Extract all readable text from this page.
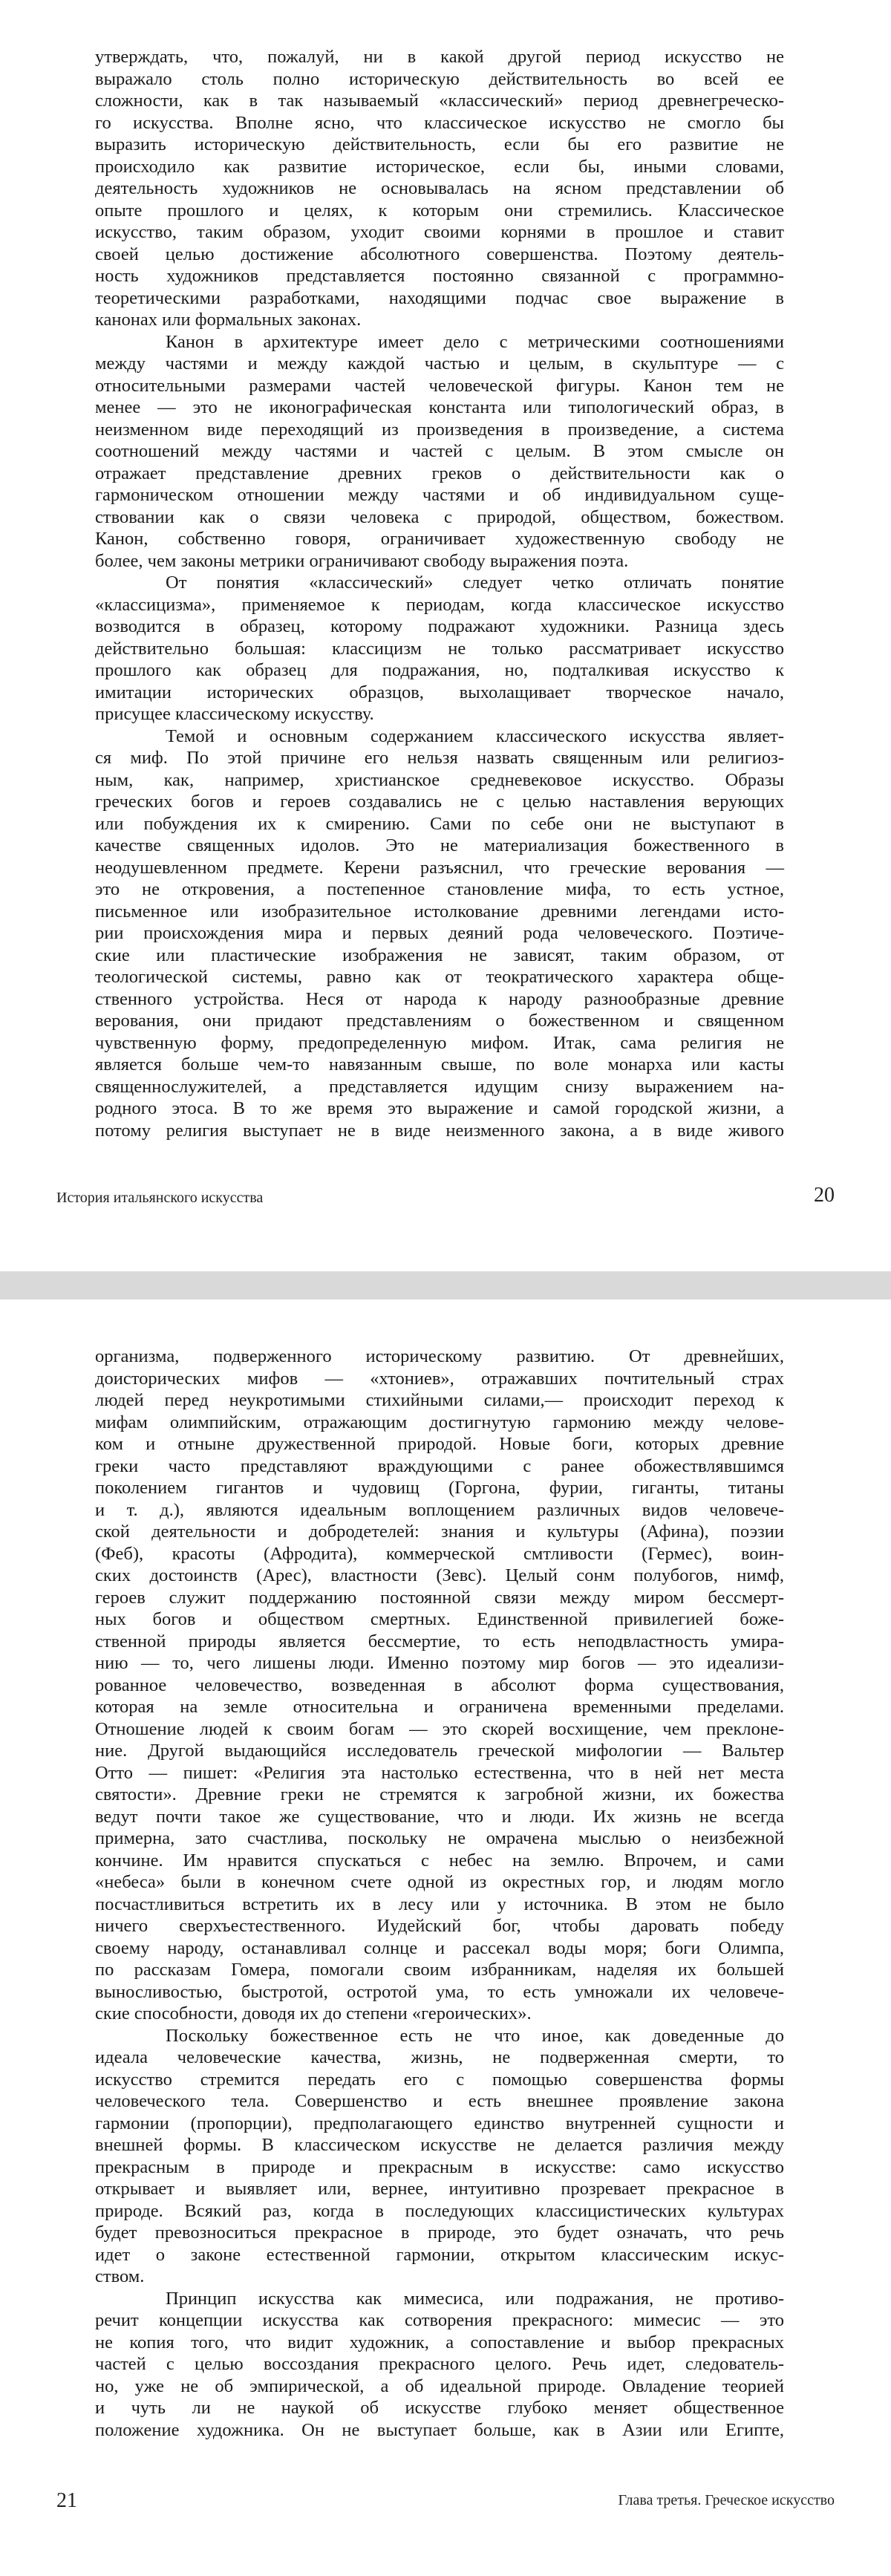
утверждать, что, пожалуй, ни в какой другой период искусство не
выражало столь полно историческую действительность во всей ее
сложности, как в так называемый «классический» период древнегреческо-
го искусства. Вполне ясно, что классическое искусство не смогло бы
выразить историческую действительность, если бы его развитие не
происходило как развитие историческое, если бы, иными словами,
деятельность художников не основывалась на ясном представлении об
опыте прошлого и целях, к которым они стремились. Классическое
искусство, таким образом, уходит своими корнями в прошлое и ставит
своей целью достижение абсолютного совершенства. Поэтому деятель-
ность художников представляется постоянно связанной с программно-
теоретическими разработками, находящими подчас свое выражение в
канонах или формальных законах.
Канон в архитектуре имеет дело с метрическими соотношениями
между частями и между каждой частью и целым, в скульптуре — с
относительными размерами частей человеческой фигуры. Канон тем не
менее — это не иконографическая константа или типологический образ, в
неизменном виде переходящий из произведения в произведение, а система
соотношений между частями и частей с целым. В этом смысле он
отражает представление древних греков о действительности как о
гармоническом отношении между частями и об индивидуальном суще-
ствовании как о связи человека с природой, обществом, божеством.
Канон, собственно говоря, ограничивает художественную свободу не
более, чем законы метрики ограничивают свободу выражения поэта.
От понятия «классический» следует четко отличать понятие
«классицизма», применяемое к периодам, когда классическое искусство
возводится в образец, которому подражают художники. Разница здесь
действительно большая: классицизм не только рассматривает искусство
прошлого как образец для подражания, но, подталкивая искусство к
имитации исторических образцов, выхолащивает творческое начало,
присущее классическому искусству.
Темой и основным содержанием классического искусства являет-
ся миф. По этой причине его нельзя назвать священным или религиоз-
ным, как, например, христианское средневековое искусство. Образы
греческих богов и героев создавались не с целью наставления верующих
или побуждения их к смирению. Сами по себе они не выступают в
качестве священных идолов. Это не материализация божественного в
неодушевленном предмете. Керени разъяснил, что греческие верования —
это не откровения, а постепенное становление мифа, то есть устное,
письменное или изобразительное истолкование древними легендами исто-
рии происхождения мира и первых деяний рода человеческого. Поэтиче-
ские или пластические изображения не зависят, таким образом, от
теологической системы, равно как от теократического характера обще-
ственного устройства. Неся от народа к народу разнообразные древние
верования, они придают представлениям о божественном и священном
чувственную форму, предопределенную мифом. Итак, сама религия не
является больше чем-то навязанным свыше, по воле монарха или касты
священнослужителей, а представляется идущим снизу выражением на-
родного этоса. В то же время это выражение и самой городской жизни, а
потому религия выступает не в виде неизменного закона, а в виде живого
История итальянского искусства	20
организма, подверженного историческому развитию. От древнейших,
доисторических мифов — «хтониев», отражавших почтительный страх
людей перед неукротимыми стихийными силами,— происходит переход к
мифам олимпийским, отражающим достигнутую гармонию между челове-
ком и отныне дружественной природой. Новые боги, которых древние
греки часто представляют враждующими с ранее обожествлявшимся
поколением гигантов и чудовищ (Горгона, фурии, гиганты, титаны
и т. д.), являются идеальным воплощением различных видов человече-
ской деятельности и добродетелей: знания и культуры (Афина), поэзии
(Феб), красоты (Афродита), коммерческой смтливости (Гермес), воин-
ских достоинств (Арес), властности (Зевс). Целый сонм полубогов, нимф,
героев служит поддержанию постоянной связи между миром бессмерт-
ных богов и обществом смертных. Единственной привилегией боже-
ственной природы является бессмертие, то есть неподвластность умира-
нию — то, чего лишены люди. Именно поэтому мир богов — это идеализи-
рованное человечество, возведенная в абсолют форма существования,
которая на земле относительна и ограничена временными пределами.
Отношение людей к своим богам — это скорей восхищение, чем преклоне-
ние. Другой выдающийся исследователь греческой мифологии — Вальтер
Отто — пишет: «Религия эта настолько естественна, что в ней нет места
святости». Древние греки не стремятся к загробной жизни, их божества
ведут почти такое же существование, что и люди. Их жизнь не всегда
примерна, зато счастлива, поскольку не омрачена мыслью о неизбежной
кончине. Им нравится спускаться с небес на землю. Впрочем, и сами
«небеса» были в конечном счете одной из окрестных гор, и людям могло
посчастливиться встретить их в лесу или у источника. В этом не было
ничего сверхъестественного. Иудейский бог, чтобы даровать победу
своему народу, останавливал солнце и рассекал воды моря; боги Олимпа,
по рассказам Гомера, помогали своим избранникам, наделяя их большей
выносливостью, быстротой, остротой ума, то есть умножали их человече-
ские способности, доводя их до степени «героических».
Поскольку божественное есть не что иное, как доведенные до
идеала человеческие качества, жизнь, не подверженная смерти, то
искусство стремится передать его с помощью совершенства формы
человеческого тела. Совершенство и есть внешнее проявление закона
гармонии (пропорции), предполагающего единство внутренней сущности и
внешней формы. В классическом искусстве не делается различия между
прекрасным в природе и прекрасным в искусстве: само искусство
открывает и выявляет или, вернее, интуитивно прозревает прекрасное в
природе. Всякий раз, когда в последующих классицистических культурах
будет превозноситься прекрасное в природе, это будет означать, что речь
идет о законе естественной гармонии, открытом классическим искус-
ством.
Принцип искусства как мимесиса, или подражания, не противо-
речит концепции искусства как сотворения прекрасного: мимесис — это
не копия того, что видит художник, а сопоставление и выбор прекрасных
частей с целью воссоздания прекрасного целого. Речь идет, следователь-
но, уже не об эмпирической, а об идеальной природе. Овладение теорией
и чуть ли не наукой об искусстве глубоко меняет общественное
положение художника. Он не выступает больше, как в Азии или Египте,
21	Глава третья. Греческое искусство
